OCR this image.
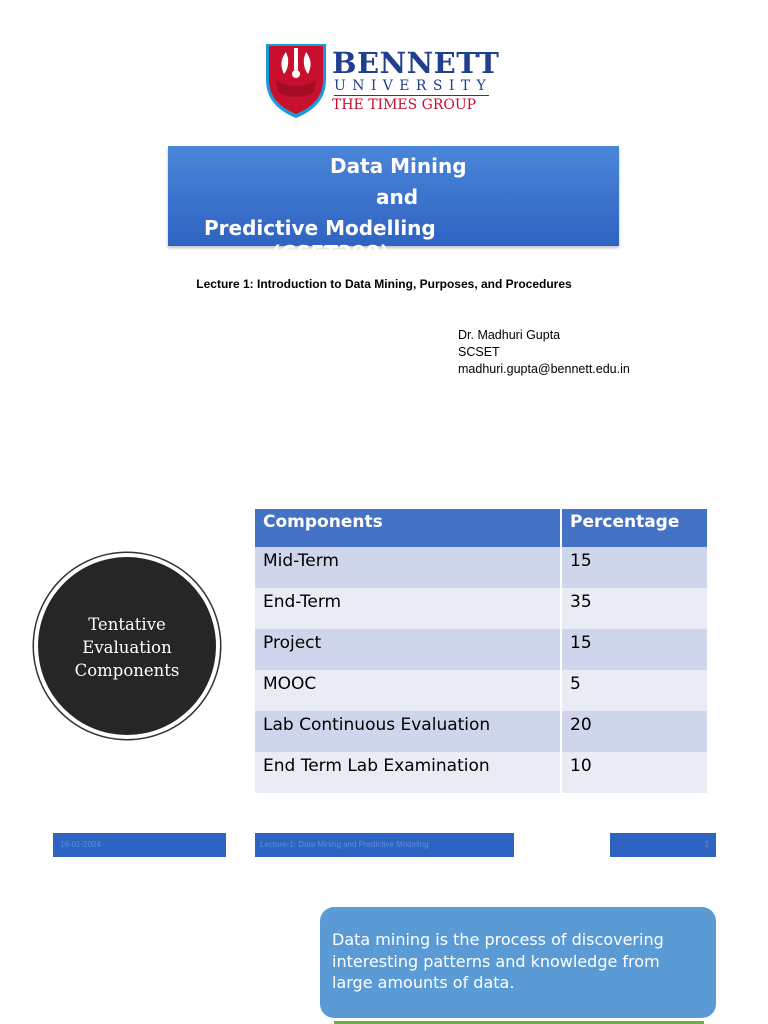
BENNETT
UNIVERSITY
THE TIMES GROUP
Data Mining
and
Predictive Modelling
(CSET398)
Lecture 1: Introduction to Data Mining, Purposes, and Procedures
Dr. Madhuri Gupta
SCSET
madhuri.gupta@bennett.edu.in
Tentative
Evaluation
Components
Components	Percentage
Mid-Term	15
End-Term	35
Project	15
MOOC	5
Lab Continuous Evaluation	20
End Term Lab Examination	10
16-01-2024	Lecture-1: Data Mining and Predictive Modeling	2
Data mining is the process of discovering interesting patterns and knowledge from large amounts of data.
